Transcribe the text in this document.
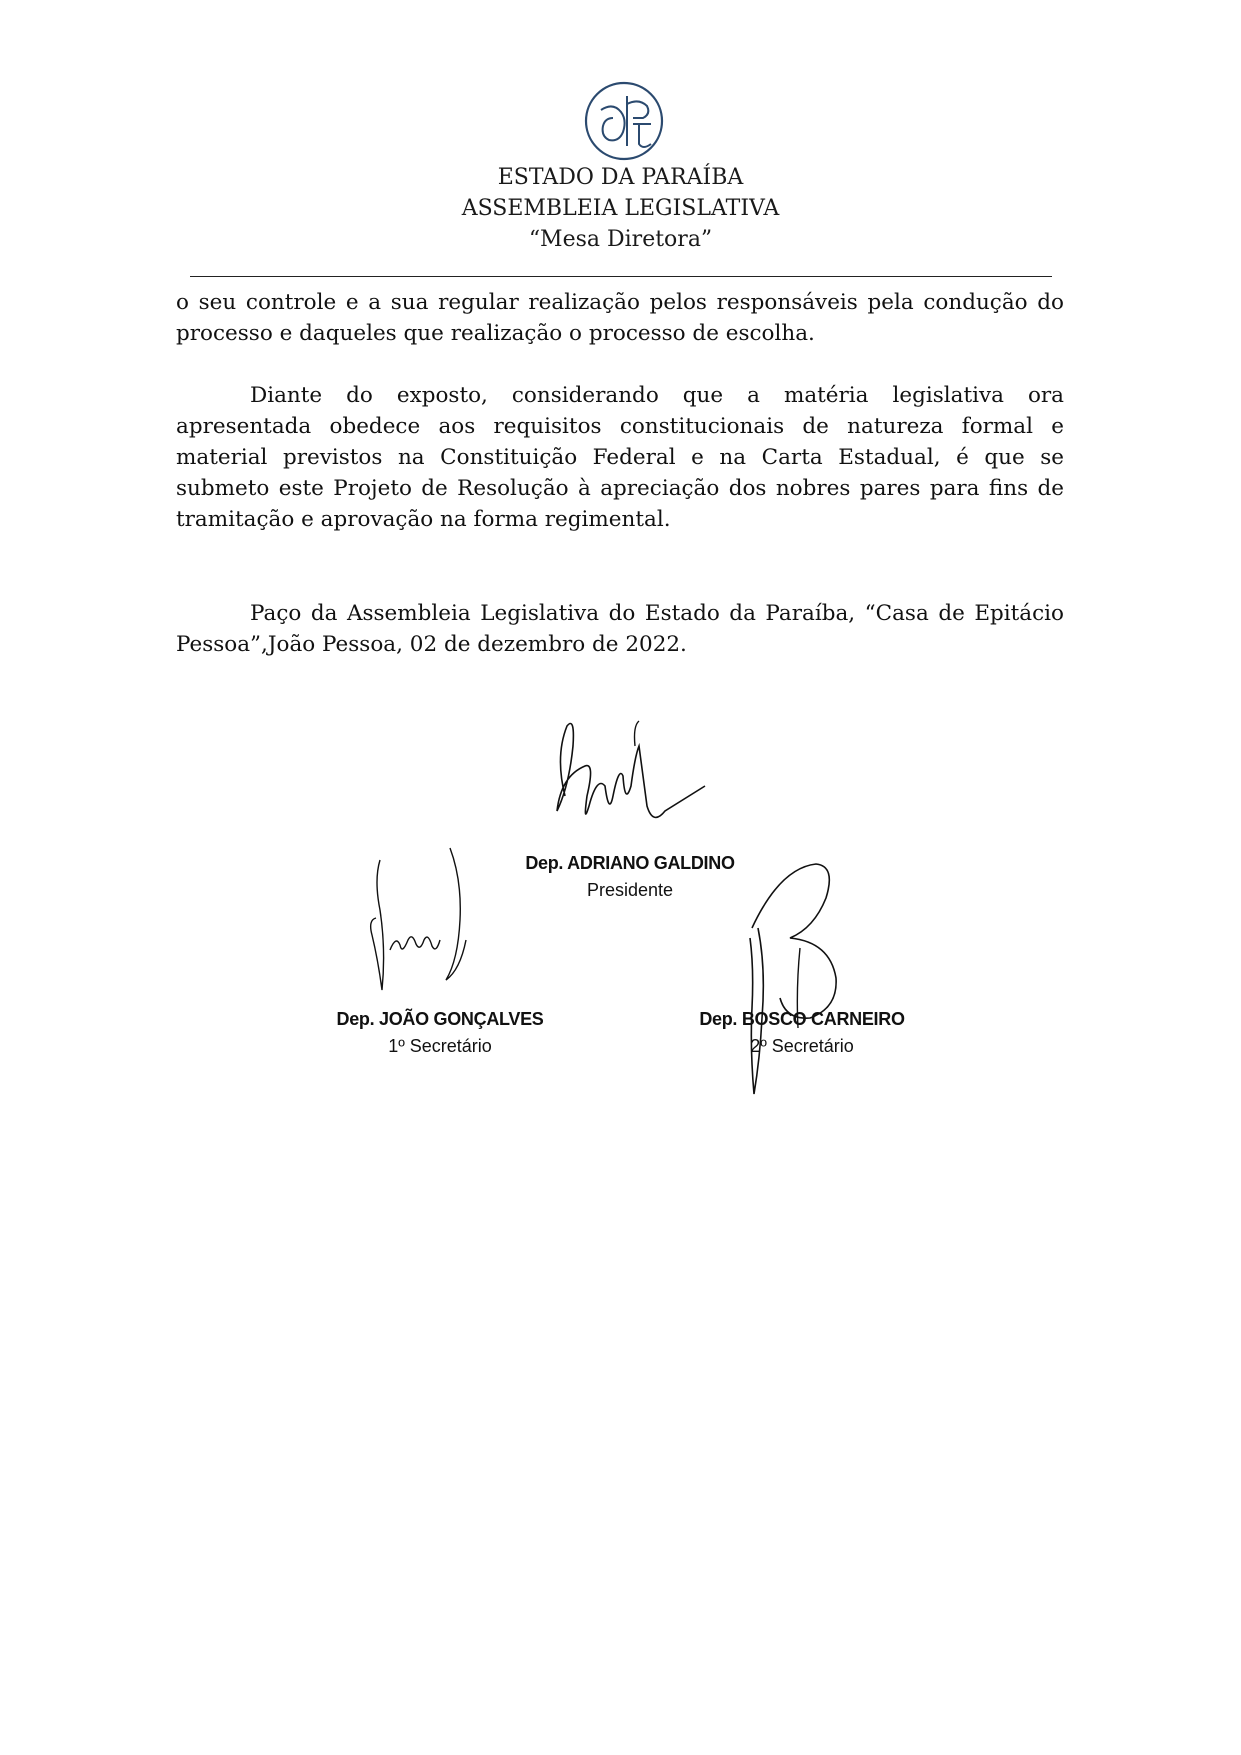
ESTADO DA PARAÍBA
ASSEMBLEIA LEGISLATIVA
“Mesa Diretora”

o seu controle e a sua regular realização pelos responsáveis pela condução do processo e daqueles que realização o processo de escolha.

Diante do exposto, considerando que a matéria legislativa ora apresentada obedece aos requisitos constitucionais de natureza formal e material previstos na Constituição Federal e na Carta Estadual, é que se submeto este Projeto de Resolução à apreciação dos nobres pares para fins de tramitação e aprovação na forma regimental.

Paço da Assembleia Legislativa do Estado da Paraíba, “Casa de Epitácio Pessoa”,João Pessoa, 02 de dezembro de 2022.

Dep. ADRIANO GALDINO
Presidente
Dep. JOÃO GONÇALVES
1º Secretário
Dep. BOSCO CARNEIRO
2º Secretário
